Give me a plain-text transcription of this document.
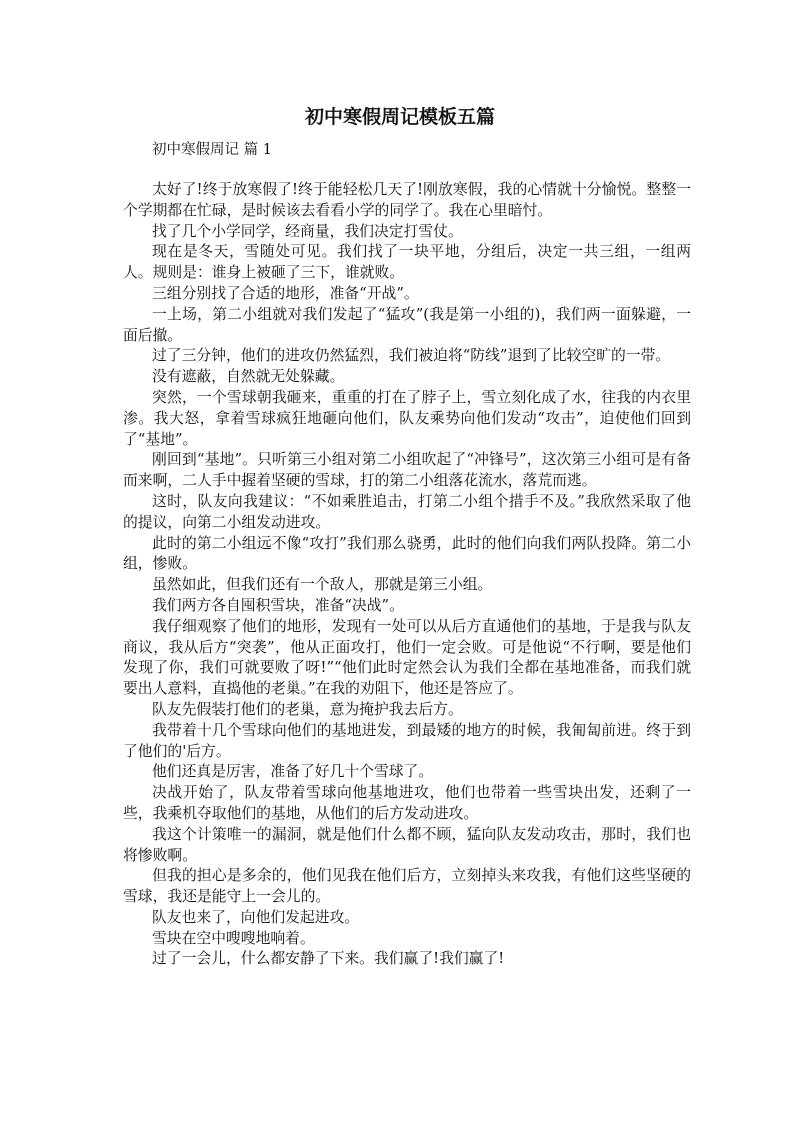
初中寒假周记模板五篇
初中寒假周记 篇 1

太好了!终于放寒假了!终于能轻松几天了!刚放寒假，我的心情就十分愉悦。整整一个学期都在忙碌，是时候该去看看小学的同学了。我在心里暗忖。

找了几个小学同学，经商量，我们决定打雪仗。

现在是冬天，雪随处可见。我们找了一块平地，分组后，决定一共三组，一组两人。规则是：谁身上被砸了三下，谁就败。

三组分别找了合适的地形，准备“开战”。

一上场，第二小组就对我们发起了“猛攻”(我是第一小组的)，我们两一面躲避，一面后撤。

过了三分钟，他们的进攻仍然猛烈，我们被迫将“防线”退到了比较空旷的一带。

没有遮蔽，自然就无处躲藏。

突然，一个雪球朝我砸来，重重的打在了脖子上，雪立刻化成了水，往我的内衣里渗。我大怒，拿着雪球疯狂地砸向他们，队友乘势向他们发动“攻击”，迫使他们回到了“基地”。

刚回到“基地”。只听第三小组对第二小组吹起了“冲锋号”，这次第三小组可是有备而来啊，二人手中握着坚硬的雪球，打的第二小组落花流水，落荒而逃。

这时，队友向我建议：“不如乘胜追击，打第二小组个措手不及。”我欣然采取了他的提议，向第二小组发动进攻。

此时的第二小组远不像“攻打”我们那么骁勇，此时的他们向我们两队投降。第二小组，惨败。

虽然如此，但我们还有一个敌人，那就是第三小组。

我们两方各自囤积雪块，准备“决战”。

我仔细观察了他们的地形，发现有一处可以从后方直通他们的基地，于是我与队友商议，我从后方“突袭”，他从正面攻打，他们一定会败。可是他说“不行啊，要是他们发现了你，我们可就要败了呀!”“他们此时定然会认为我们全都在基地准备，而我们就要出人意料，直捣他的老巢。”在我的劝阻下，他还是答应了。

队友先假装打他们的老巢，意为掩护我去后方。

我带着十几个雪球向他们的基地进发，到最矮的地方的时候，我匍匐前进。终于到了他们的'后方。

他们还真是厉害，准备了好几十个雪球了。

决战开始了，队友带着雪球向他基地进攻，他们也带着一些雪块出发，还剩了一些，我乘机夺取他们的基地，从他们的后方发动进攻。

我这个计策唯一的漏洞，就是他们什么都不顾，猛向队友发动攻击，那时，我们也将惨败啊。

但我的担心是多余的，他们见我在他们后方，立刻掉头来攻我，有他们这些坚硬的雪球，我还是能守上一会儿的。

队友也来了，向他们发起进攻。

雪块在空中嗖嗖地响着。

过了一会儿，什么都安静了下来。我们赢了!我们赢了!
